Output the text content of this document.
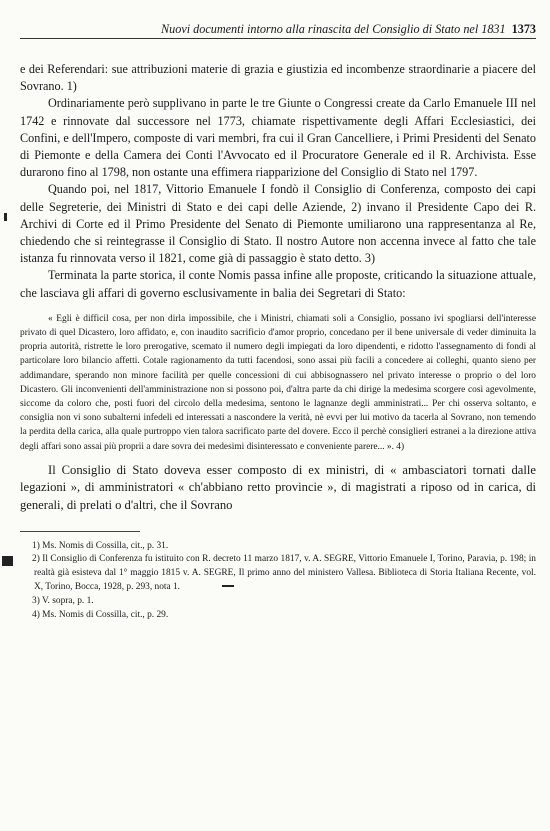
Nuovi documenti intorno alla rinascita del Consiglio di Stato nel 1831 1373

e dei Referendari: sue attribuzioni materie di grazia e giustizia ed incombenze straordinarie a piacere del Sovrano. 1)

Ordinariamente però supplivano in parte le tre Giunte o Congressi create da Carlo Emanuele III nel 1742 e rinnovate dal successore nel 1773, chiamate rispettivamente degli Affari Ecclesiastici, dei Confini, e dell'Impero, composte di vari membri, fra cui il Gran Cancelliere, i Primi Presidenti del Senato di Piemonte e della Camera dei Conti l'Avvocato ed il Procuratore Generale ed il R. Archivista. Esse durarono fino al 1798, non ostante una effimera riapparizione del Consiglio di Stato nel 1797.

Quando poi, nel 1817, Vittorio Emanuele I fondò il Consiglio di Conferenza, composto dei capi delle Segreterie, dei Ministri di Stato e dei capi delle Aziende, 2) invano il Presidente Capo dei R. Archivi di Corte ed il Primo Presidente del Senato di Piemonte umiliarono una rappresentanza al Re, chiedendo che si reintegrasse il Consiglio di Stato. Il nostro Autore non accenna invece al fatto che tale istanza fu rinnovata verso il 1821, come già di passaggio è stato detto. 3)

Terminata la parte storica, il conte Nomis passa infine alle proposte, criticando la situazione attuale, che lasciava gli affari di governo esclusivamente in balia dei Segretari di Stato:

« Egli è difficil cosa, per non dirla impossibile, che i Ministri, chiamati soli a Consiglio, possano ivi spogliarsi dell'interesse privato di quel Dicastero, loro affidato, e, con inaudito sacrificio d'amor proprio, concedano per il bene universale di veder diminuita la propria autorità, ristrette le loro prerogative, scemato il numero degli impiegati da loro dipendenti, e ridotto l'assegnamento di fondi al particolare loro bilancio affetti. Cotale ragionamento da tutti facendosi, sono assai più facili a concedere ai colleghi, quanto sieno per addimandare, sperando non minore facilità per quelle concessioni di cui abbisognassero nel privato interesse o proprio o del loro Dicastero. Gli inconvenienti dell'amministrazione non si possono poi, d'altra parte da chi dirige la medesima scorgere così agevolmente, siccome da coloro che, posti fuori del circolo della medesima, sentono le lagnanze degli amministrati... Per chi osserva soltanto, e consiglia non vi sono subalterni infedeli ed interessati a nascondere la verità, nè evvi per lui motivo da tacerla al Sovrano, non temendo la perdita della carica, alla quale purtroppo vien talora sacrificato parte del dovere. Ecco il perchè consiglieri estranei a la direzione attiva degli affari sono assai più proprii a dare sovra dei medesimi disinteressato e conveniente parere... ». 4)

Il Consiglio di Stato doveva esser composto di ex ministri, di « ambasciatori tornati dalle legazioni », di amministratori « ch'abbiano retto provincie », di magistrati a riposo od in carica, di generali, di prelati o d'altri, che il Sovrano

1) Ms. Nomis di Cossilla, cit., p. 31.

2) Il Consiglio di Conferenza fu istituito con R. decreto 11 marzo 1817, v. A. SEGRE, Vittorio Emanuele I, Torino, Paravia, p. 198; in realtà già esisteva dal 1° maggio 1815 v. A. SEGRE, Il primo anno del ministero Vallesa. Biblioteca di Storia Italiana Recente, vol. X, Torino, Bocca, 1928, p. 293, nota 1.

3) V. sopra, p. 1.

4) Ms. Nomis di Cossilla, cit., p. 29.
